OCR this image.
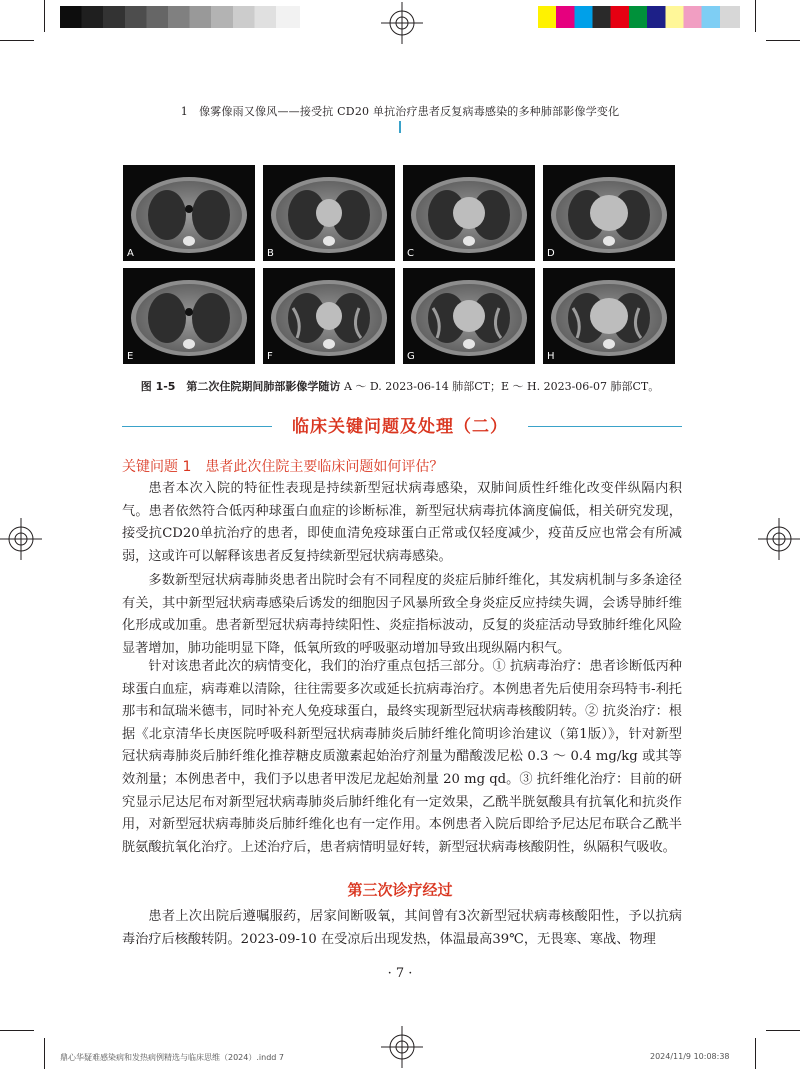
1　像雾像雨又像风——接受抗 CD20 单抗治疗患者反复病毒感染的多种肺部影像学变化
A	B	C	D
E	F	G	H
图 1-5　第二次住院期间肺部影像学随访 A ～ D. 2023-06-14 肺部CT；E ～ H. 2023-06-07 肺部CT。
临床关键问题及处理（二）
关键问题 1　患者此次住院主要临床问题如何评估？
患者本次入院的特征性表现是持续新型冠状病毒感染，双肺间质性纤维化改变伴纵隔内积气。患者依然符合低丙种球蛋白血症的诊断标准，新型冠状病毒抗体滴度偏低，相关研究发现，接受抗CD20单抗治疗的患者，即使血清免疫球蛋白正常或仅轻度减少，疫苗反应也常会有所减弱，这或许可以解释该患者反复持续新型冠状病毒感染。
多数新型冠状病毒肺炎患者出院时会有不同程度的炎症后肺纤维化，其发病机制与多条途径有关，其中新型冠状病毒感染后诱发的细胞因子风暴所致全身炎症反应持续失调，会诱导肺纤维化形成或加重。患者新型冠状病毒持续阳性、炎症指标波动，反复的炎症活动导致肺纤维化风险显著增加，肺功能明显下降，低氧所致的呼吸驱动增加导致出现纵隔内积气。
针对该患者此次的病情变化，我们的治疗重点包括三部分。① 抗病毒治疗：患者诊断低丙种球蛋白血症，病毒难以清除，往往需要多次或延长抗病毒治疗。本例患者先后使用奈玛特韦-利托那韦和氙瑞米德韦，同时补充人免疫球蛋白，最终实现新型冠状病毒核酸阴转。② 抗炎治疗：根据《北京清华长庚医院呼吸科新型冠状病毒肺炎后肺纤维化简明诊治建议（第1版）》，针对新型冠状病毒肺炎后肺纤维化推荐糖皮质激素起始治疗剂量为醋酸泼尼松 0.3 ～ 0.4 mg/kg 或其等效剂量；本例患者中，我们予以患者甲泼尼龙起始剂量 20 mg qd。③ 抗纤维化治疗：目前的研究显示尼达尼布对新型冠状病毒肺炎后肺纤维化有一定效果，乙酰半胱氨酸具有抗氧化和抗炎作用，对新型冠状病毒肺炎后肺纤维化也有一定作用。本例患者入院后即给予尼达尼布联合乙酰半胱氨酸抗氧化治疗。上述治疗后，患者病情明显好转，新型冠状病毒核酸阴性，纵隔积气吸收。
第三次诊疗经过
患者上次出院后遵嘱服药，居家间断吸氧，其间曾有3次新型冠状病毒核酸阳性，予以抗病毒治疗后核酸转阴。2023-09-10 在受凉后出现发热，体温最高39℃，无畏寒、寒战、物理
· 7 ·
鼎心华疑难感染病和发热病例精选与临床思维（2024）.indd 7	2024/11/9 10:08:38
